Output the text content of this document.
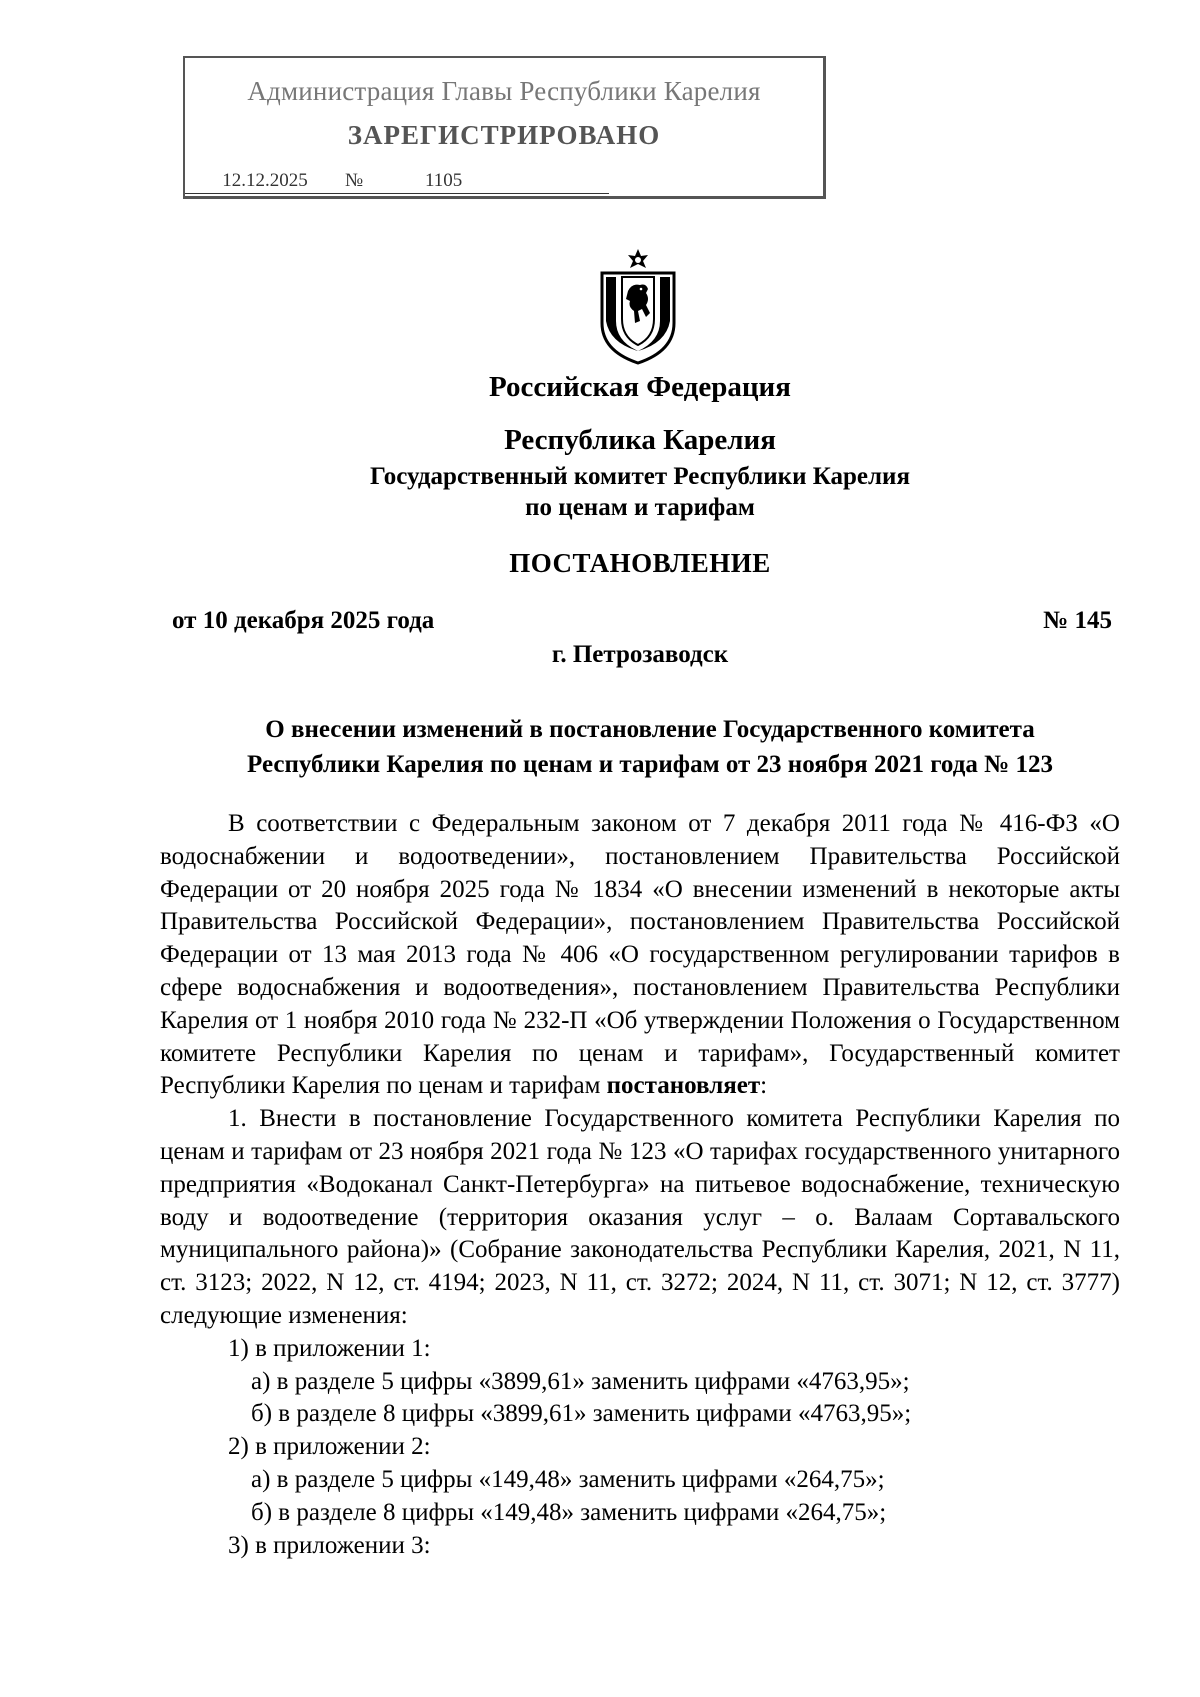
Администрация Главы Республики Карелия
ЗАРЕГИСТРИРОВАНО
12.12.2025	№	1105
Российская Федерация
Республика Карелия
Государственный комитет Республики Карелия
по ценам и тарифам
ПОСТАНОВЛЕНИЕ
от 10 декабря 2025 года	№ 145
г. Петрозаводск
О внесении изменений в постановление Государственного комитета
Республики Карелия по ценам и тарифам от 23 ноября 2021 года № 123

В соответствии с Федеральным законом от 7 декабря 2011 года № 416-ФЗ «О водоснабжении и водоотведении», постановлением Правительства Российской Федерации от 20 ноября 2025 года № 1834 «О внесении изменений в некоторые акты Правительства Российской Федерации», постановлением Правительства Российской Федерации от 13 мая 2013 года № 406 «О государственном регулировании тарифов в сфере водоснабжения и водоотведения», постановлением Правительства Республики Карелия от 1 ноября 2010 года № 232-П «Об утверждении Положения о Государственном комитете Республики Карелия по ценам и тарифам», Государственный комитет Республики Карелия по ценам и тарифам постановляет:

1. Внести в постановление Государственного комитета Республики Карелия по ценам и тарифам от 23 ноября 2021 года № 123 «О тарифах государственного унитарного предприятия «Водоканал Санкт-Петербурга» на питьевое водоснабжение, техническую воду и водоотведение (территория оказания услуг – о. Валаам Сортавальского муниципального района)» (Собрание законодательства Республики Карелия, 2021, N 11, ст. 3123; 2022, N 12, ст. 4194; 2023, N 11, ст. 3272; 2024, N 11, ст. 3071; N 12, ст. 3777) следующие изменения:

1) в приложении 1:

а) в разделе 5 цифры «3899,61» заменить цифрами «4763,95»;

б) в разделе 8 цифры «3899,61» заменить цифрами «4763,95»;

2) в приложении 2:

а) в разделе 5 цифры «149,48» заменить цифрами «264,75»;

б) в разделе 8 цифры «149,48» заменить цифрами «264,75»;

3) в приложении 3:
